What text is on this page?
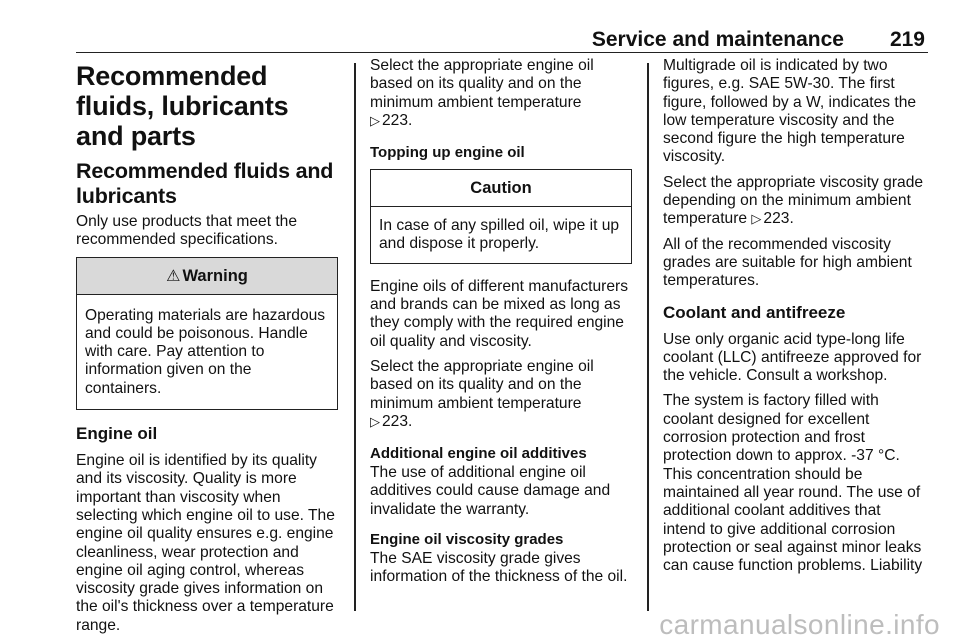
Service and maintenance 219
Recommended fluids, lubricants and parts
Recommended fluids and lubricants

Only use products that meet the recommended specifications.

⚠ Warning
Operating materials are hazardous and could be poisonous. Handle with care. Pay attention to information given on the containers.
Engine oil

Engine oil is identified by its quality and its viscosity. Quality is more important than viscosity when selecting which engine oil to use. The engine oil quality ensures e.g. engine cleanliness, wear protection and engine oil aging control, whereas viscosity grade gives information on the oil's thickness over a temperature range.

Select the appropriate engine oil based on its quality and on the minimum ambient temperature
▷ 223.

Topping up engine oil
Caution
In case of any spilled oil, wipe it up and dispose it properly.

Engine oils of different manufacturers and brands can be mixed as long as they comply with the required engine oil quality and viscosity.

Select the appropriate engine oil based on its quality and on the minimum ambient temperature
▷ 223.

Additional engine oil additives

The use of additional engine oil additives could cause damage and invalidate the warranty.

Engine oil viscosity grades

The SAE viscosity grade gives information of the thickness of the oil.

Multigrade oil is indicated by two figures, e.g. SAE 5W-30. The first figure, followed by a W, indicates the low temperature viscosity and the second figure the high temperature viscosity.

Select the appropriate viscosity grade depending on the minimum ambient temperature ▷ 223.

All of the recommended viscosity grades are suitable for high ambient temperatures.

Coolant and antifreeze

Use only organic acid type-long life coolant (LLC) antifreeze approved for the vehicle. Consult a workshop.

The system is factory filled with coolant designed for excellent corrosion protection and frost protection down to approx. -37 °C. This concentration should be maintained all year round. The use of additional coolant additives that intend to give additional corrosion protection or seal against minor leaks can cause function problems. Liability

carmanualsonline.info
